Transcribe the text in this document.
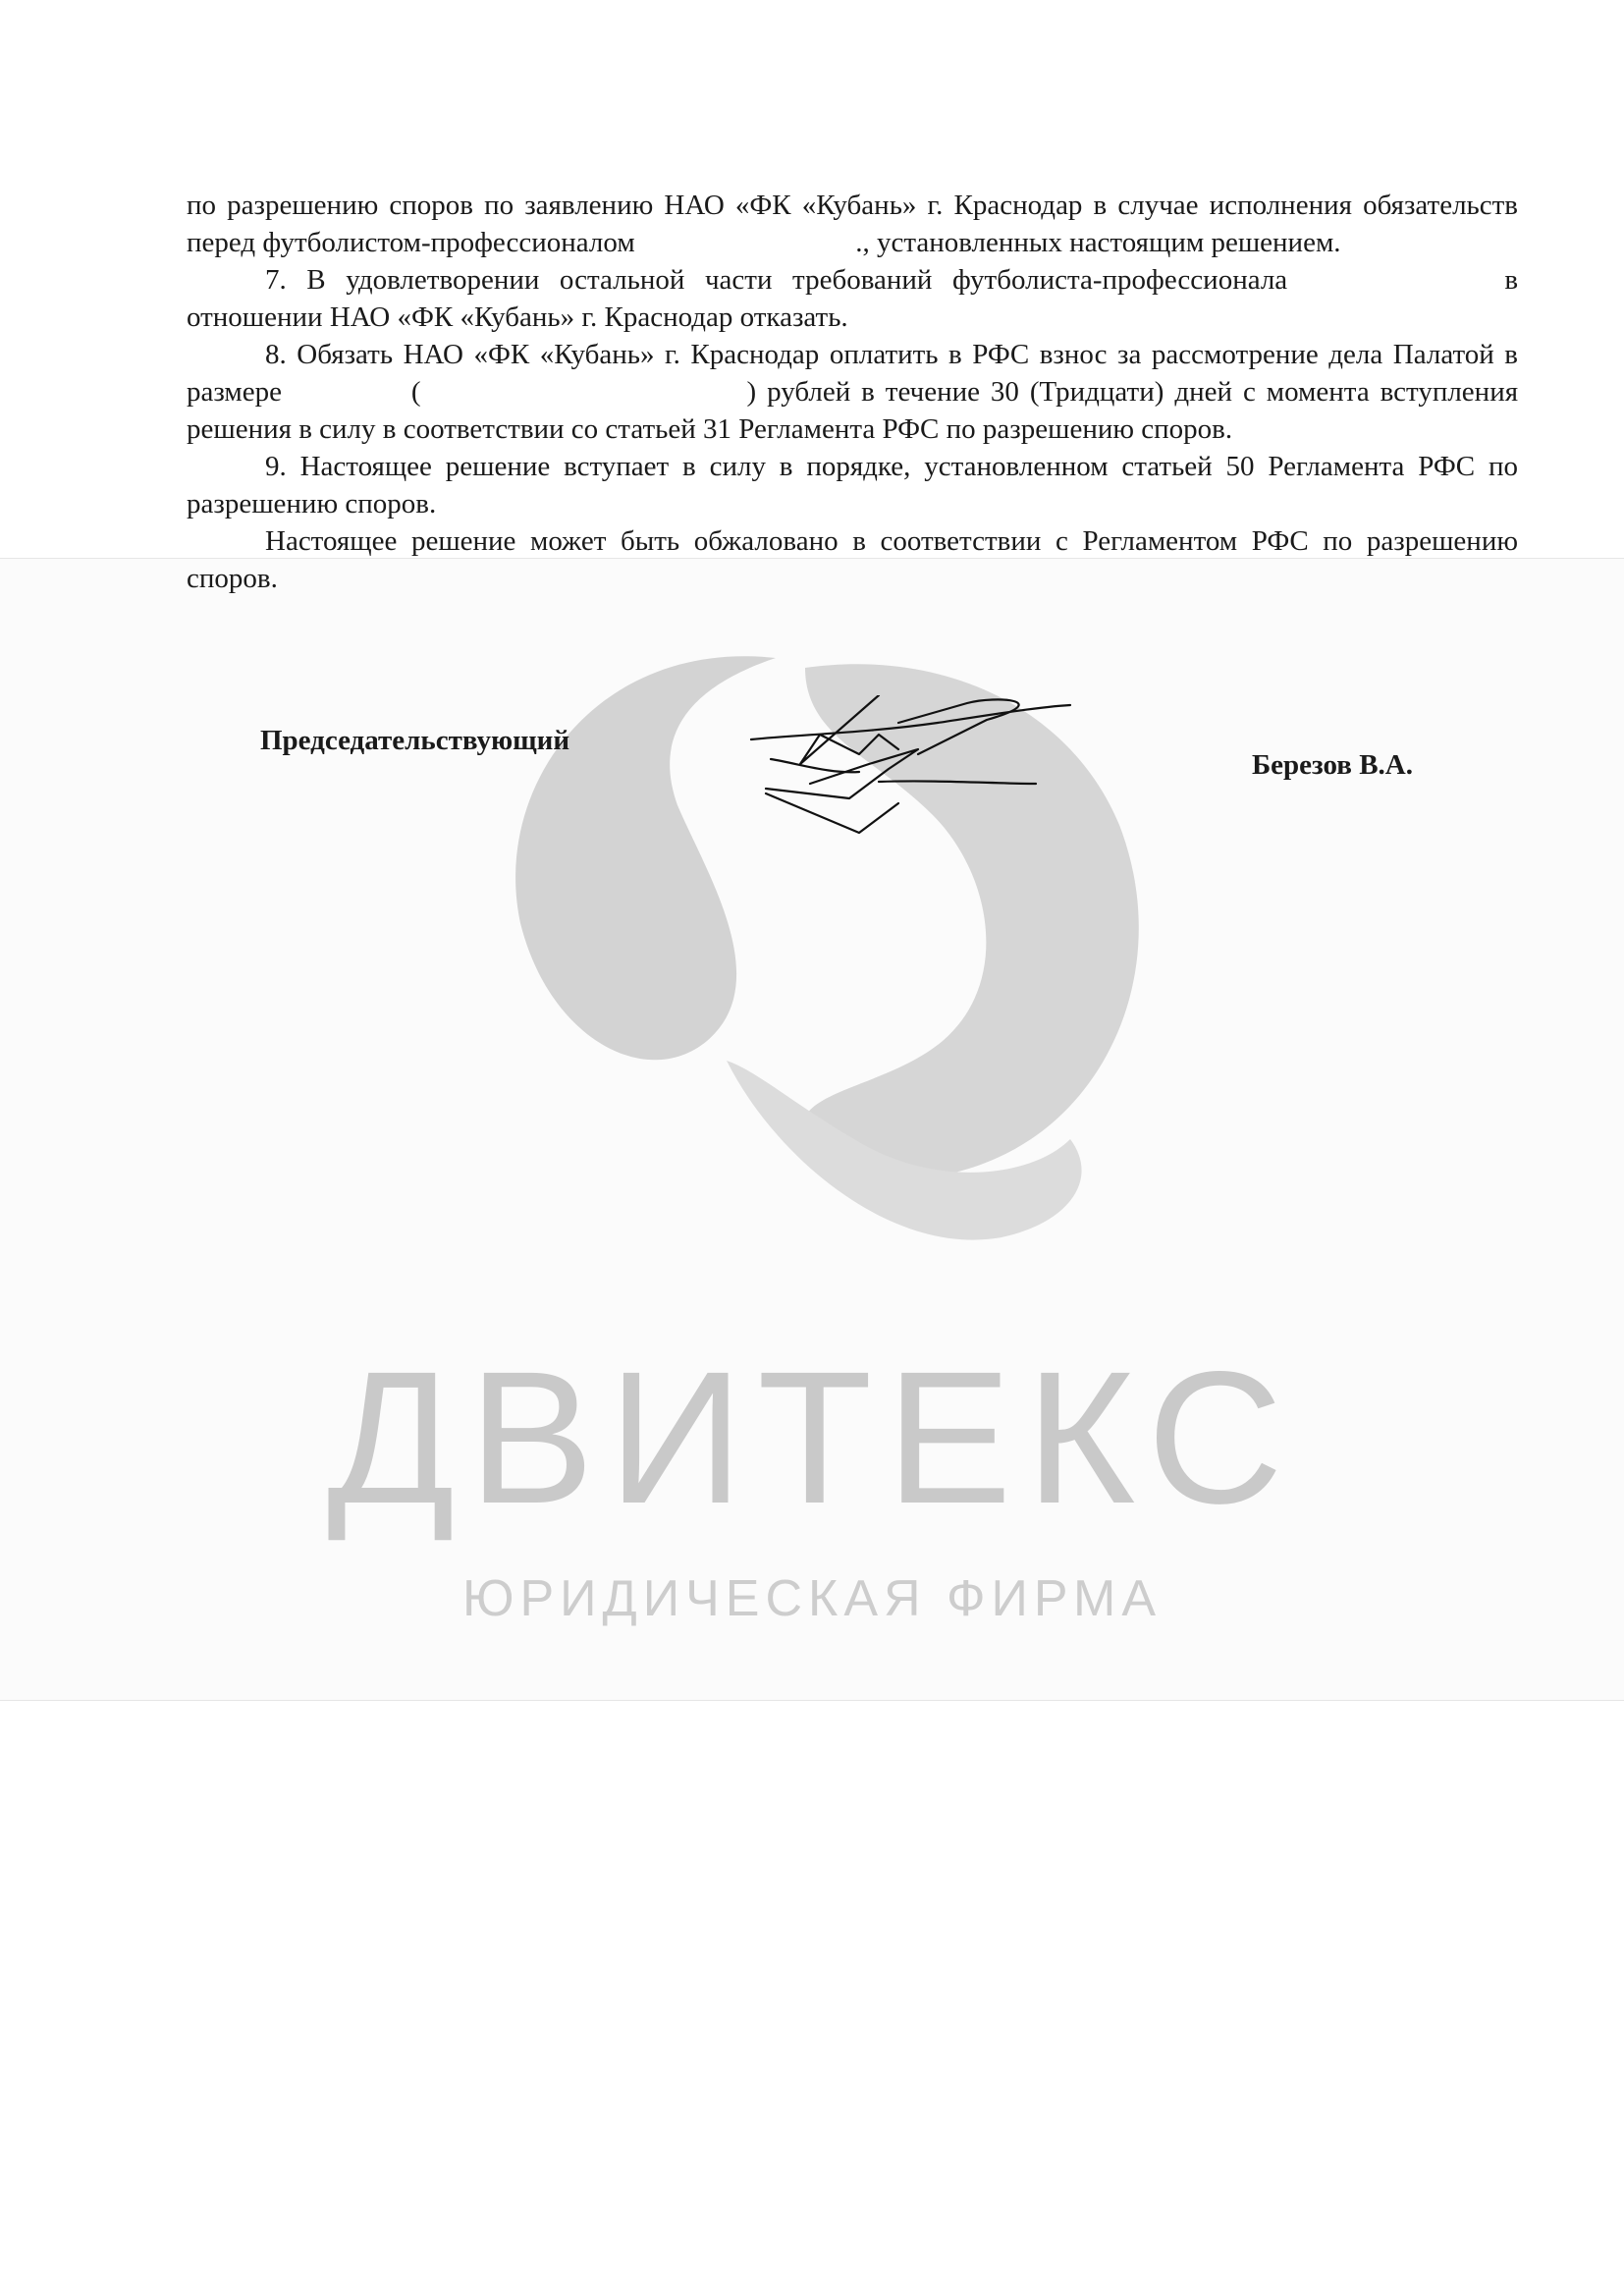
ДВИТЕКС
ЮРИДИЧЕСКАЯ ФИРМА

по разрешению споров по заявлению НАО «ФК «Кубань» г. Краснодар в случае исполнения обязательств перед футболистом-профессионалом	., установленных настоящим решением.

7. В удовлетворении остальной части требований футболиста-профессионала	в отношении НАО «ФК «Кубань» г. Краснодар отказать.

8. Обязать НАО «ФК «Кубань» г. Краснодар оплатить в РФС взнос за рассмотрение дела Палатой в размере	(	) рублей в течение 30 (Тридцати) дней с момента вступления решения в силу в соответствии со статьей 31 Регламента РФС по разрешению споров.

9. Настоящее решение вступает в силу в порядке, установленном статьей 50 Регламента РФС по разрешению споров.

Настоящее решение может быть обжаловано в соответствии с Регламентом РФС по разрешению споров.

Председательствующий
Березов В.А.
